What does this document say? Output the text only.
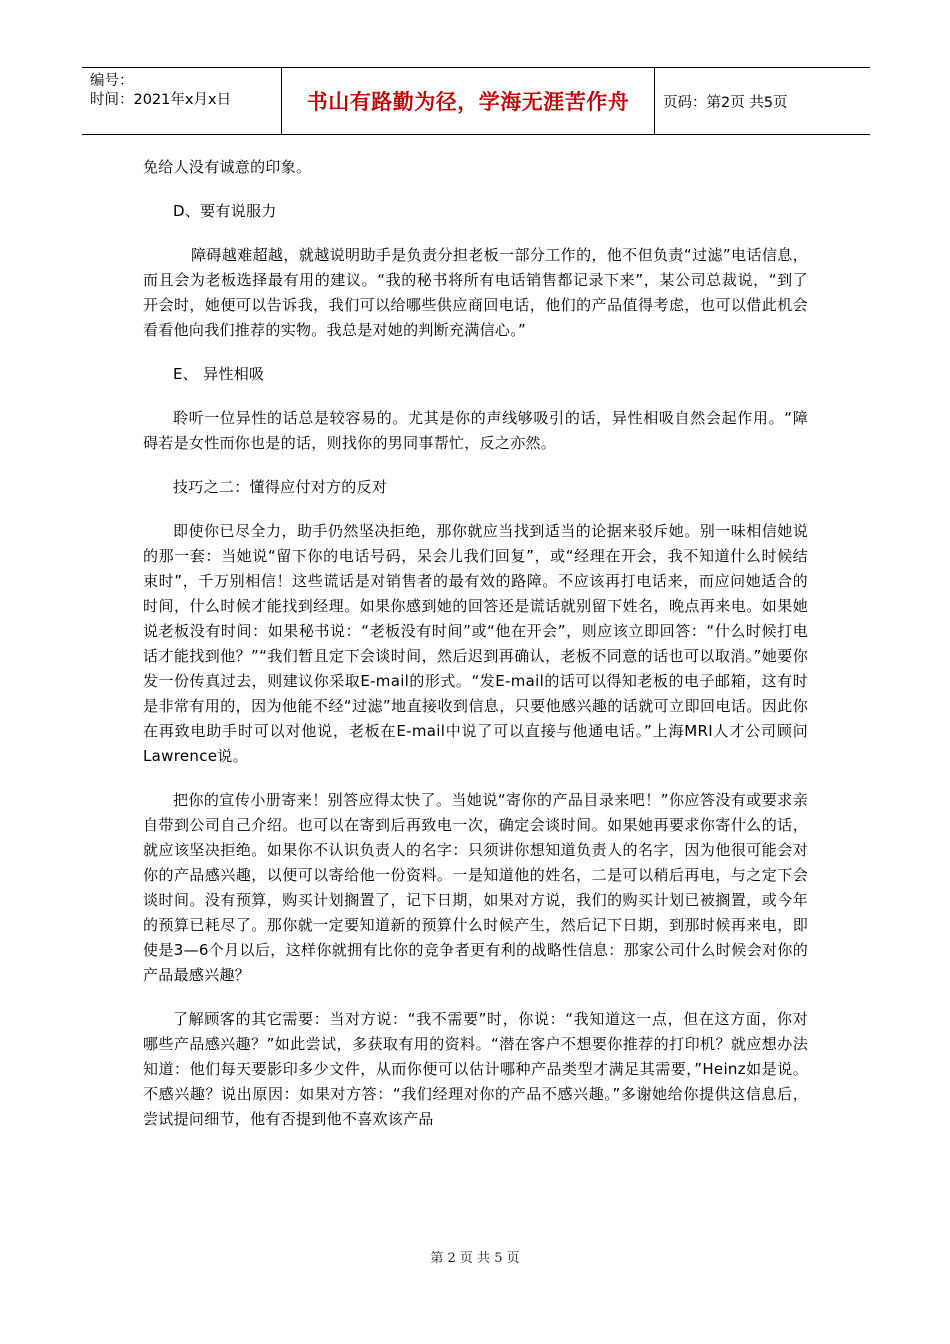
编号：
时间：2021年x月x日	书山有路勤为径，学海无涯苦作舟	页码：第2页 共5页

免给人没有诚意的印象。

D、要有说服力

障碍越难超越，就越说明助手是负责分担老板一部分工作的，他不但负责“过滤”电话信息，而且会为老板选择最有用的建议。“我的秘书将所有电话销售都记录下来”，某公司总裁说，“到了开会时，她便可以告诉我，我们可以给哪些供应商回电话，他们的产品值得考虑，也可以借此机会看看他向我们推荐的实物。我总是对她的判断充满信心。”

E、 异性相吸

聆听一位异性的话总是较容易的。尤其是你的声线够吸引的话，异性相吸自然会起作用。“障碍若是女性而你也是的话，则找你的男同事帮忙，反之亦然。

技巧之二：懂得应付对方的反对

即使你已尽全力，助手仍然坚决拒绝，那你就应当找到适当的论据来驳斥她。别一味相信她说的那一套：当她说“留下你的电话号码，呆会儿我们回复”，或“经理在开会，我不知道什么时候结束时”，千万别相信！这些谎话是对销售者的最有效的路障。不应该再打电话来，而应问她适合的时间，什么时候才能找到经理。如果你感到她的回答还是谎话就别留下姓名，晚点再来电。如果她说老板没有时间：如果秘书说：“老板没有时间”或“他在开会”，则应该立即回答：“什么时候打电话才能找到他？”“我们暂且定下会谈时间，然后迟到再确认，老板不同意的话也可以取消。”她要你发一份传真过去，则建议你采取E-mail的形式。“发E-mail的话可以得知老板的电子邮箱，这有时是非常有用的，因为他能不经“过滤”地直接收到信息，只要他感兴趣的话就可立即回电话。因此你在再致电助手时可以对他说，老板在E-mail中说了可以直接与他通电话。”上海MRI人才公司顾问 Lawrence说。

把你的宣传小册寄来！别答应得太快了。当她说“寄你的产品目录来吧！”你应答没有或要求亲自带到公司自己介绍。也可以在寄到后再致电一次，确定会谈时间。如果她再要求你寄什么的话，就应该坚决拒绝。如果你不认识负责人的名字：只须讲你想知道负责人的名字，因为他很可能会对你的产品感兴趣，以便可以寄给他一份资料。一是知道他的姓名，二是可以稍后再电，与之定下会谈时间。没有预算，购买计划搁置了，记下日期，如果对方说，我们的购买计划已被搁置，或今年的预算已耗尽了。那你就一定要知道新的预算什么时候产生，然后记下日期，到那时候再来电，即使是3—6个月以后，这样你就拥有比你的竞争者更有利的战略性信息：那家公司什么时候会对你的产品最感兴趣？

了解顾客的其它需要：当对方说：“我不需要”时，你说：“我知道这一点，但在这方面，你对哪些产品感兴趣？”如此尝试，多获取有用的资料。“潜在客户不想要你推荐的打印机？就应想办法知道：他们每天要影印多少文件，从而你便可以估计哪种产品类型才满足其需要，”Heinz如是说。不感兴趣？说出原因：如果对方答：“我们经理对你的产品不感兴趣。”多谢她给你提供这信息后，尝试提问细节，他有否提到他不喜欢该产品

第 2 页 共 5 页
